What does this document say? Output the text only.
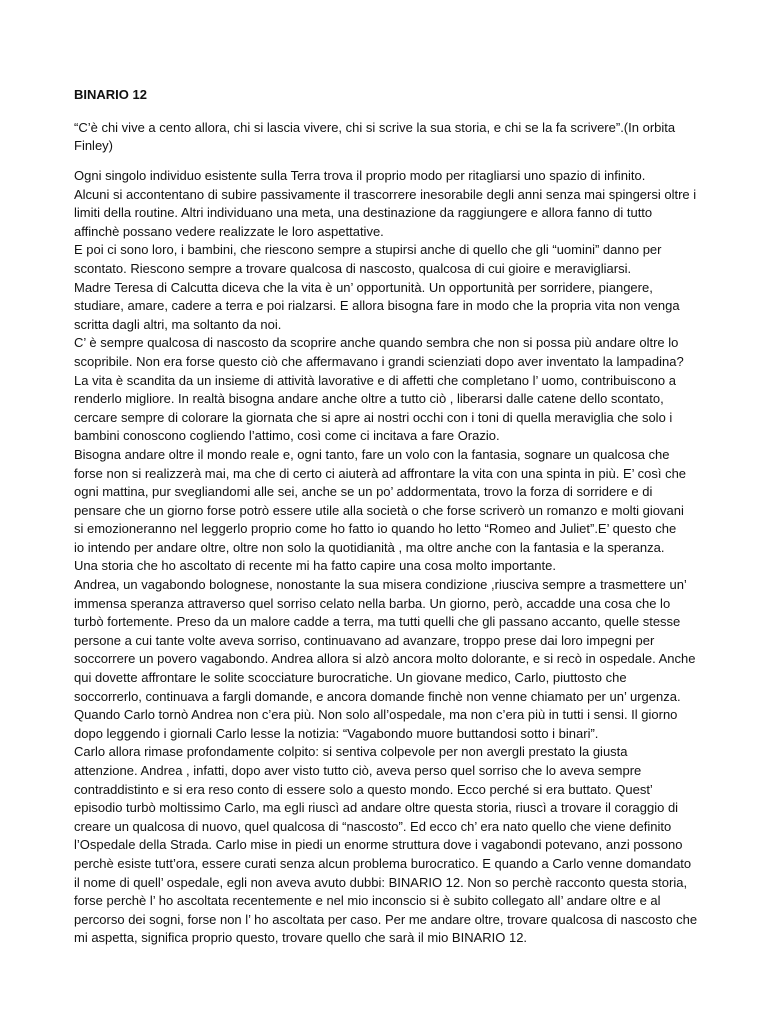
BINARIO 12

“C’è chi vive a cento allora, chi si lascia vivere, chi si scrive la sua storia, e chi se la fa scrivere”.(In orbita
Finley)

Ogni singolo individuo esistente sulla Terra trova il proprio modo per ritagliarsi uno spazio di infinito.
Alcuni si accontentano di subire passivamente il trascorrere inesorabile degli anni senza mai spingersi oltre i
limiti della routine. Altri individuano una meta, una destinazione da raggiungere e allora fanno di tutto
affinchè possano vedere realizzate le loro aspettative.
E poi ci sono loro, i bambini, che riescono sempre a stupirsi anche di quello che gli “uomini” danno per
scontato. Riescono sempre a trovare qualcosa di nascosto, qualcosa di cui gioire e meravigliarsi.
Madre Teresa di Calcutta diceva che la vita è un’ opportunità. Un opportunità per sorridere, piangere,
studiare, amare, cadere a terra e poi rialzarsi. E allora bisogna fare in modo che la propria vita non venga
scritta dagli altri, ma soltanto da noi.
C’ è sempre qualcosa di nascosto da scoprire anche quando sembra che non si possa più andare oltre lo
scopribile. Non era forse questo ciò che affermavano i grandi scienziati dopo aver inventato la lampadina?
La vita è scandita da un insieme di attività lavorative e di affetti che completano l’ uomo, contribuiscono a
renderlo migliore. In realtà bisogna andare anche oltre a tutto ciò , liberarsi dalle catene dello scontato,
cercare sempre di colorare la giornata che si apre ai nostri occhi con i toni di quella meraviglia che solo i
bambini conoscono cogliendo l’attimo, così come ci incitava a fare Orazio.
Bisogna andare oltre il mondo reale e, ogni tanto, fare un volo con la fantasia, sognare un qualcosa che
forse non si realizzerà mai, ma che di certo ci aiuterà ad affrontare la vita con una spinta in più. E’ così che
ogni mattina, pur svegliandomi alle sei, anche se un po’ addormentata, trovo la forza di sorridere e di
pensare che un giorno forse potrò essere utile alla società o che forse scriverò un romanzo e molti giovani
si emozioneranno nel leggerlo proprio come ho fatto io quando ho letto “Romeo and Juliet”.E’ questo che
io intendo per andare oltre, oltre non solo la quotidianità , ma oltre anche con la fantasia e la speranza.
Una storia che ho ascoltato di recente mi ha fatto capire una cosa molto importante.
Andrea, un vagabondo bolognese, nonostante la sua misera condizione ,riusciva sempre a trasmettere un’
immensa speranza attraverso quel sorriso celato nella barba. Un giorno, però, accadde una cosa che lo
turbò fortemente. Preso da un malore cadde a terra, ma tutti quelli che gli passano accanto, quelle stesse
persone a cui tante volte aveva sorriso, continuavano ad avanzare, troppo prese dai loro impegni per
soccorrere un povero vagabondo. Andrea allora si alzò ancora molto dolorante, e si recò in ospedale. Anche
qui dovette affrontare le solite scocciature burocratiche. Un giovane medico, Carlo, piuttosto che
soccorrerlo, continuava a fargli domande, e ancora domande finchè non venne chiamato per un’ urgenza.
Quando Carlo tornò Andrea non c’era più. Non solo all’ospedale, ma non c’era più in tutti i sensi. Il giorno
dopo leggendo i giornali Carlo lesse la notizia: “Vagabondo muore buttandosi sotto i binari”.
Carlo allora rimase profondamente colpito: si sentiva colpevole per non avergli prestato la giusta
attenzione. Andrea , infatti, dopo aver visto tutto ciò, aveva perso quel sorriso che lo aveva sempre
contraddistinto e si era reso conto di essere solo a questo mondo. Ecco perché si era buttato. Quest’
episodio turbò moltissimo Carlo, ma egli riuscì ad andare oltre questa storia, riuscì a trovare il coraggio di
creare un qualcosa di nuovo, quel qualcosa di “nascosto”. Ed ecco ch’ era nato quello che viene definito
l’Ospedale della Strada. Carlo mise in piedi un enorme struttura dove i vagabondi potevano, anzi possono
perchè esiste tutt’ora, essere curati senza alcun problema burocratico. E quando a Carlo venne domandato
il nome di quell’ ospedale, egli non aveva avuto dubbi: BINARIO 12. Non so perchè racconto questa storia,
forse perchè l’ ho ascoltata recentemente e nel mio inconscio si è subito collegato all’ andare oltre e al
percorso dei sogni, forse non l’ ho ascoltata per caso. Per me andare oltre, trovare qualcosa di nascosto che
mi aspetta, significa proprio questo, trovare quello che sarà il mio BINARIO 12.
